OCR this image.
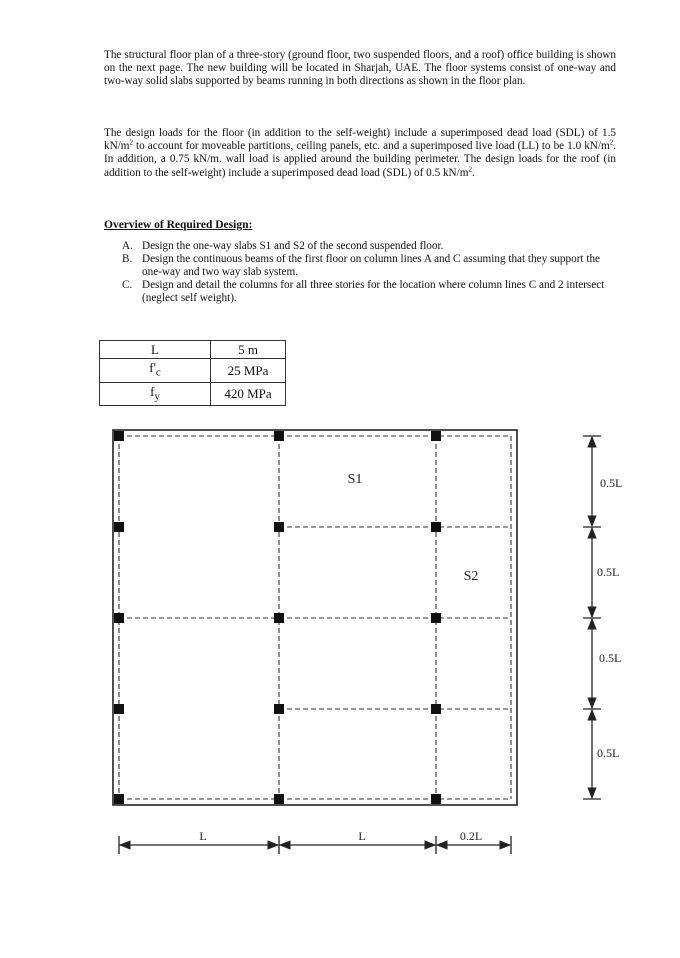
The structural floor plan of a three-story (ground floor, two suspended floors, and a roof) office building is shown on the next page. The new building will be located in Sharjah, UAE. The floor systems consist of one-way and two-way solid slabs supported by beams running in both directions as shown in the floor plan.

The design loads for the floor (in addition to the self-weight) include a superimposed dead load (SDL) of 1.5 $kN/m^2$ to account for moveable partitions, ceiling panels, etc. and a superimposed live load (LL) to be 1.0 $kN/m^2$. In addition, a 0.75 kN/m. wall load is applied around the building perimeter. The design loads for the roof (in addition to the self-weight) include a superimposed dead load (SDL) of 0.5 $kN/m^2$.

Overview of Required Design:

A. Design the one-way slabs S1 and S2 of the second suspended floor.
B. Design the continuous beams of the first floor on column lines A and C assuming that they support the one-way and two way slab system.
C. Design and detail the columns for all three stories for the location where column lines C and 2 intersect (neglect self weight).
L	5 m
$f'_c$	25 MPa
$f_y$	420 MPa
S1
S2
0.5L
0.5L
0.5L
0.5L
L	L	0.2L
